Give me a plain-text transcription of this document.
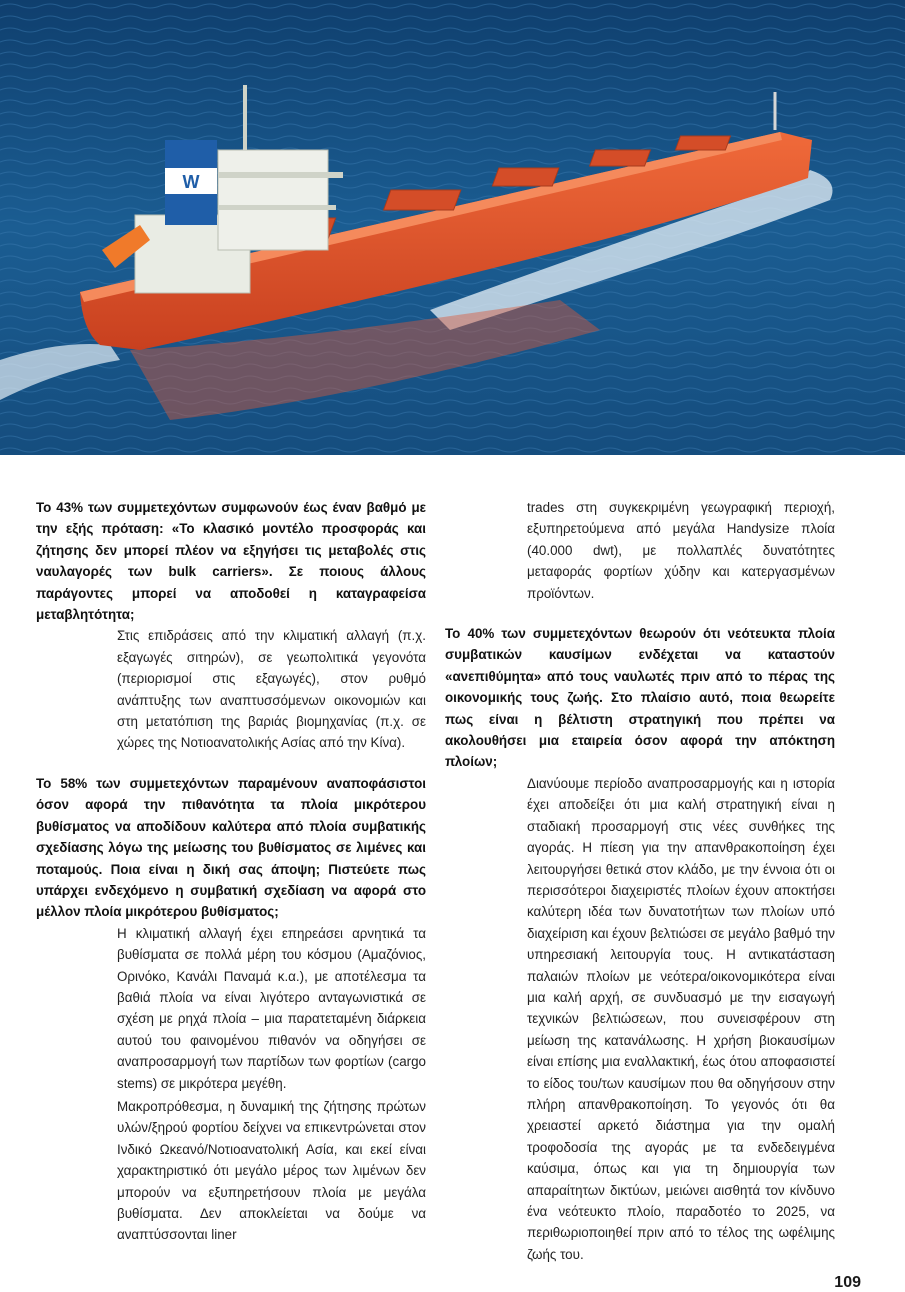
W

Το 43% των συμμετεχόντων συμφωνούν έως έναν βαθμό με την εξής πρόταση: «Το κλασικό μοντέλο προσφοράς και ζήτησης δεν μπορεί πλέον να εξηγήσει τις μεταβολές στις ναυλαγορές των bulk carriers». Σε ποιους άλλους παράγοντες μπορεί να αποδοθεί η καταγραφείσα μεταβλητότητα;

Στις επιδράσεις από την κλιματική αλλαγή (π.χ. εξαγωγές σιτηρών), σε γεωπολιτικά γεγονότα (περιορισμοί στις εξαγωγές), στον ρυθμό ανάπτυξης των αναπτυσσόμενων οικονομιών και στη μετατόπιση της βαριάς βιομηχανίας (π.χ. σε χώρες της Νοτιοανατολικής Ασίας από την Κίνα).

Το 58% των συμμετεχόντων παραμένουν αναποφάσιστοι όσον αφορά την πιθανότητα τα πλοία μικρότερου βυθίσματος να αποδίδουν καλύτερα από πλοία συμβατικής σχεδίασης λόγω της μείωσης του βυθίσματος σε λιμένες και ποταμούς. Ποια είναι η δική σας άποψη; Πιστεύετε πως υπάρχει ενδεχόμενο η συμβατική σχεδίαση να αφορά στο μέλλον πλοία μικρότερου βυθίσματος;

Η κλιματική αλλαγή έχει επηρεάσει αρνητικά τα βυθίσματα σε πολλά μέρη του κόσμου (Αμαζόνιος, Ορινόκο, Κανάλι Παναμά κ.α.), με αποτέλεσμα τα βαθιά πλοία να είναι λιγότερο ανταγωνιστικά σε σχέση με ρηχά πλοία – μια παρατεταμένη διάρκεια αυτού του φαινομένου πιθανόν να οδηγήσει σε αναπροσαρμογή των παρτίδων των φορτίων (cargo stems) σε μικρότερα μεγέθη.

Μακροπρόθεσμα, η δυναμική της ζήτησης πρώτων υλών/ξηρού φορτίου δείχνει να επικεντρώνεται στον Ινδικό Ωκεανό/Νοτιοανατολική Ασία, και εκεί είναι χαρακτηριστικό ότι μεγάλο μέρος των λιμένων δεν μπορούν να εξυπηρετήσουν πλοία με μεγάλα βυθίσματα. Δεν αποκλείεται να δούμε να αναπτύσσονται liner

trades στη συγκεκριμένη γεωγραφική περιοχή, εξυπηρετούμενα από μεγάλα Handysize πλοία (40.000 dwt), με πολλαπλές δυνατότητες μεταφοράς φορτίων χύδην και κατεργασμένων προϊόντων.

Το 40% των συμμετεχόντων θεωρούν ότι νεότευκτα πλοία συμβατικών καυσίμων ενδέχεται να καταστούν «ανεπιθύμητα» από τους ναυλωτές πριν από το πέρας της οικονομικής τους ζωής. Στο πλαίσιο αυτό, ποια θεωρείτε πως είναι η βέλτιστη στρατηγική που πρέπει να ακολουθήσει μια εταιρεία όσον αφορά την απόκτηση πλοίων;

Διανύουμε περίοδο αναπροσαρμογής και η ιστορία έχει αποδείξει ότι μια καλή στρατηγική είναι η σταδιακή προσαρμογή στις νέες συνθήκες της αγοράς. Η πίεση για την απανθρακοποίηση έχει λειτουργήσει θετικά στον κλάδο, με την έννοια ότι οι περισσότεροι διαχειριστές πλοίων έχουν αποκτήσει καλύτερη ιδέα των δυνατοτήτων των πλοίων υπό διαχείριση και έχουν βελτιώσει σε μεγάλο βαθμό την υπηρεσιακή λειτουργία τους. Η αντικατάσταση παλαιών πλοίων με νεότερα/οικονομικότερα είναι μια καλή αρχή, σε συνδυασμό με την εισαγωγή τεχνικών βελτιώσεων, που συνεισφέρουν στη μείωση της κατανάλωσης. Η χρήση βιοκαυσίμων είναι επίσης μια εναλλακτική, έως ότου αποφασιστεί το είδος του/των καυσίμων που θα οδηγήσουν στην πλήρη απανθρακοποίηση. Το γεγονός ότι θα χρειαστεί αρκετό διάστημα για την ομαλή τροφοδοσία της αγοράς με τα ενδεδειγμένα καύσιμα, όπως και για τη δημιουργία των απαραίτητων δικτύων, μειώνει αισθητά τον κίνδυνο ένα νεότευκτο πλοίο, παραδοτέο το 2025, να περιθωριοποιηθεί πριν από το τέλος της ωφέλιμης ζωής του.

109
